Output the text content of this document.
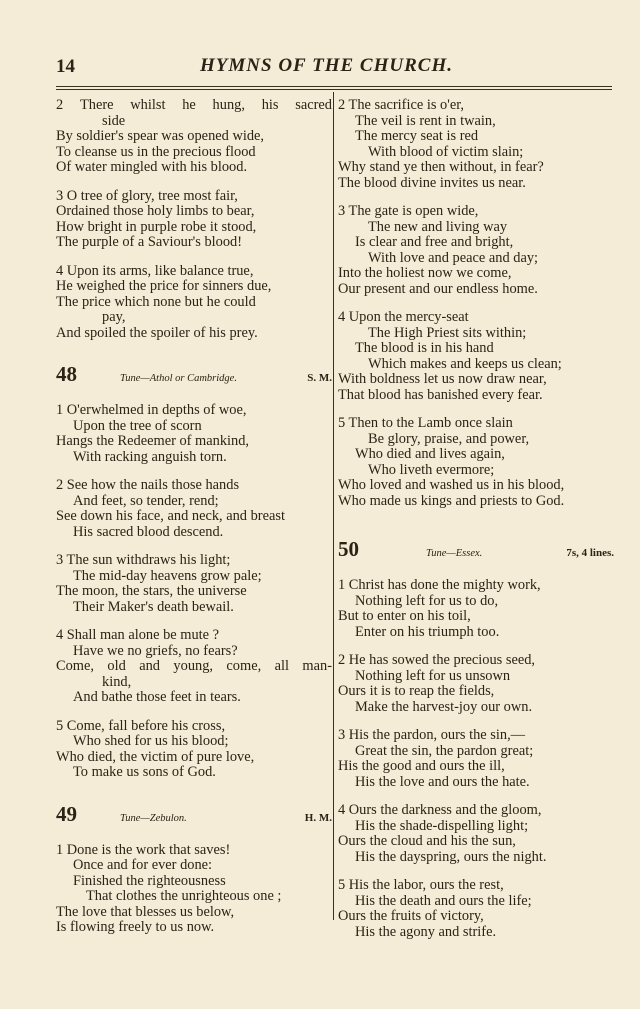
14	HYMNS OF THE CHURCH.
2 There whilst he hung, his sacred
side
By soldier's spear was opened wide,
To cleanse us in the precious flood
Of water mingled with his blood.
3 O tree of glory, tree most fair,
Ordained those holy limbs to bear,
How bright in purple robe it stood,
The purple of a Saviour's blood!
4 Upon its arms, like balance true,
He weighed the price for sinners due,
The price which none but he could
pay,
And spoiled the spoiler of his prey.
48	Tune—Athol or Cambridge.	S. M.
1 O'erwhelmed in depths of woe,
Upon the tree of scorn
Hangs the Redeemer of mankind,
With racking anguish torn.
2 See how the nails those hands
And feet, so tender, rend;
See down his face, and neck, and breast
His sacred blood descend.
3 The sun withdraws his light;
The mid-day heavens grow pale;
The moon, the stars, the universe
Their Maker's death bewail.
4 Shall man alone be mute ?
Have we no griefs, no fears?
Come, old and young, come, all man-
kind,
And bathe those feet in tears.
5 Come, fall before his cross,
Who shed for us his blood;
Who died, the victim of pure love,
To make us sons of God.
49	Tune—Zebulon.	H. M.
1 Done is the work that saves!
Once and for ever done:
Finished the righteousness
That clothes the unrighteous one ;
The love that blesses us below,
Is flowing freely to us now.
2 The sacrifice is o'er,
The veil is rent in twain,
The mercy seat is red
With blood of victim slain;
Why stand ye then without, in fear?
The blood divine invites us near.
3 The gate is open wide,
The new and living way
Is clear and free and bright,
With love and peace and day;
Into the holiest now we come,
Our present and our endless home.
4 Upon the mercy-seat
The High Priest sits within;
The blood is in his hand
Which makes and keeps us clean;
With boldness let us now draw near,
That blood has banished every fear.
5 Then to the Lamb once slain
Be glory, praise, and power,
Who died and lives again,
Who liveth evermore;
Who loved and washed us in his blood,
Who made us kings and priests to God.
50	Tune—Essex.	7s, 4 lines.
1 Christ has done the mighty work,
Nothing left for us to do,
But to enter on his toil,
Enter on his triumph too.
2 He has sowed the precious seed,
Nothing left for us unsown
Ours it is to reap the fields,
Make the harvest-joy our own.
3 His the pardon, ours the sin,—
Great the sin, the pardon great;
His the good and ours the ill,
His the love and ours the hate.
4 Ours the darkness and the gloom,
His the shade-dispelling light;
Ours the cloud and his the sun,
His the dayspring, ours the night.
5 His the labor, ours the rest,
His the death and ours the life;
Ours the fruits of victory,
His the agony and strife.
